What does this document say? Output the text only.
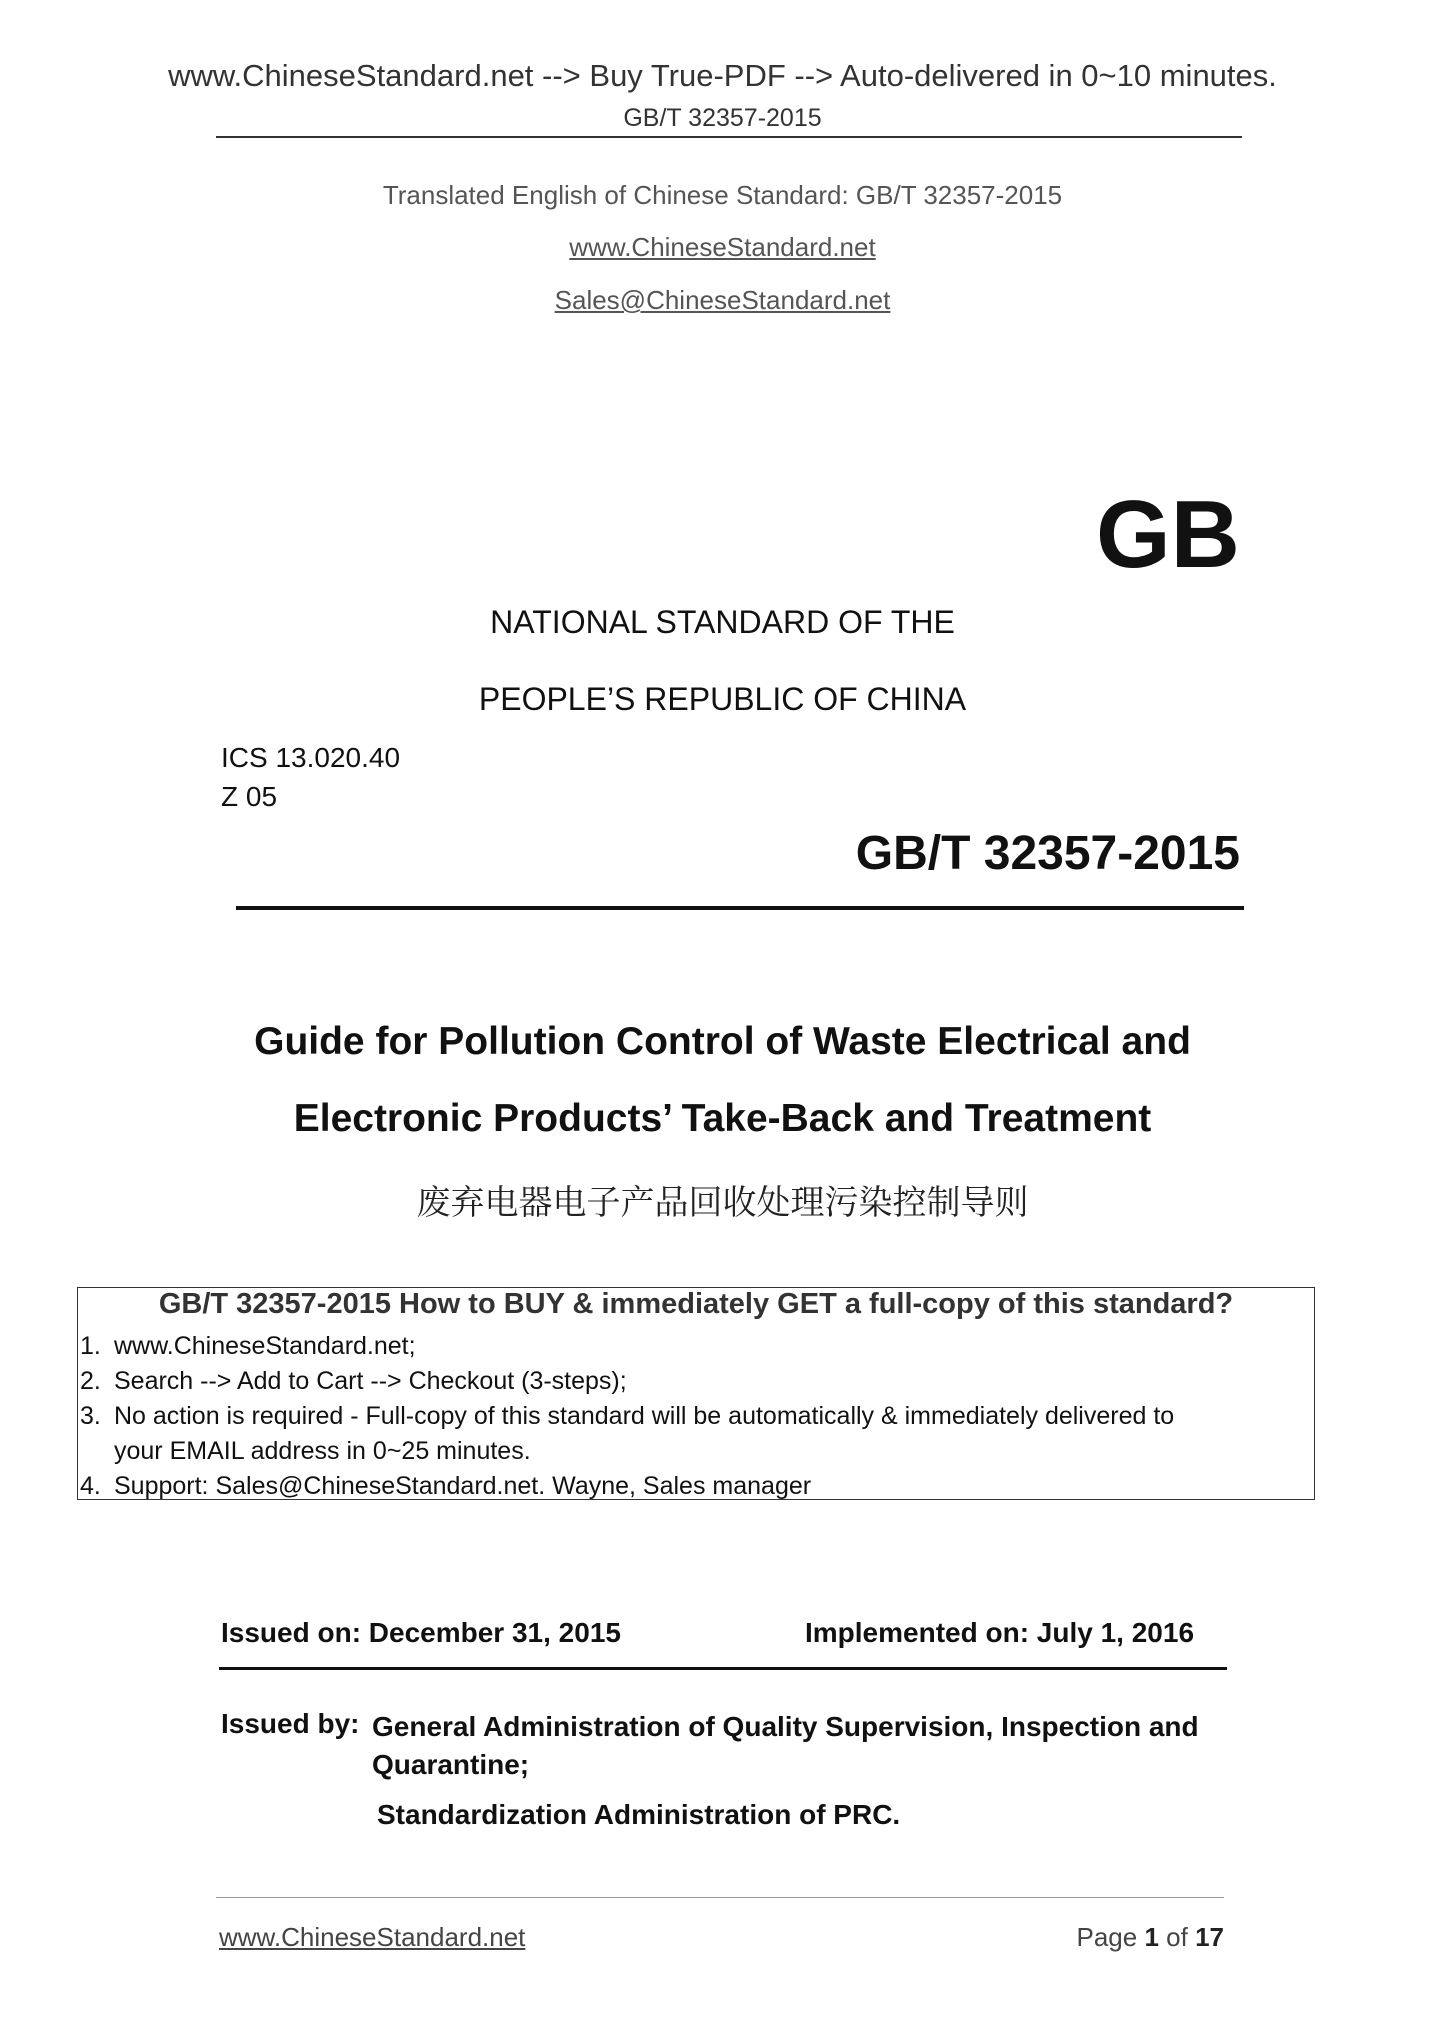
www.ChineseStandard.net --> Buy True-PDF --> Auto-delivered in 0~10 minutes.
GB/T 32357-2015
Translated English of Chinese Standard: GB/T 32357-2015
www.ChineseStandard.net
Sales@ChineseStandard.net
GB
NATIONAL STANDARD OF THE
PEOPLE’S REPUBLIC OF CHINA
ICS 13.020.40
Z 05
GB/T 32357-2015
Guide for Pollution Control of Waste Electrical and
Electronic Products’ Take-Back and Treatment
废弃电器电子产品回收处理污染控制导则
GB/T 32357-2015 How to BUY & immediately GET a full-copy of this standard?
1. www.ChineseStandard.net;
2. Search --> Add to Cart --> Checkout (3-steps);
3. No action is required - Full-copy of this standard will be automatically & immediately delivered to
your EMAIL address in 0~25 minutes.
4. Support: Sales@ChineseStandard.net. Wayne, Sales manager
Issued on: December 31, 2015	Implemented on: July 1, 2016
Issued by: General Administration of Quality Supervision, Inspection and Quarantine;
Standardization Administration of PRC.
www.ChineseStandard.net	Page 1 of 17
